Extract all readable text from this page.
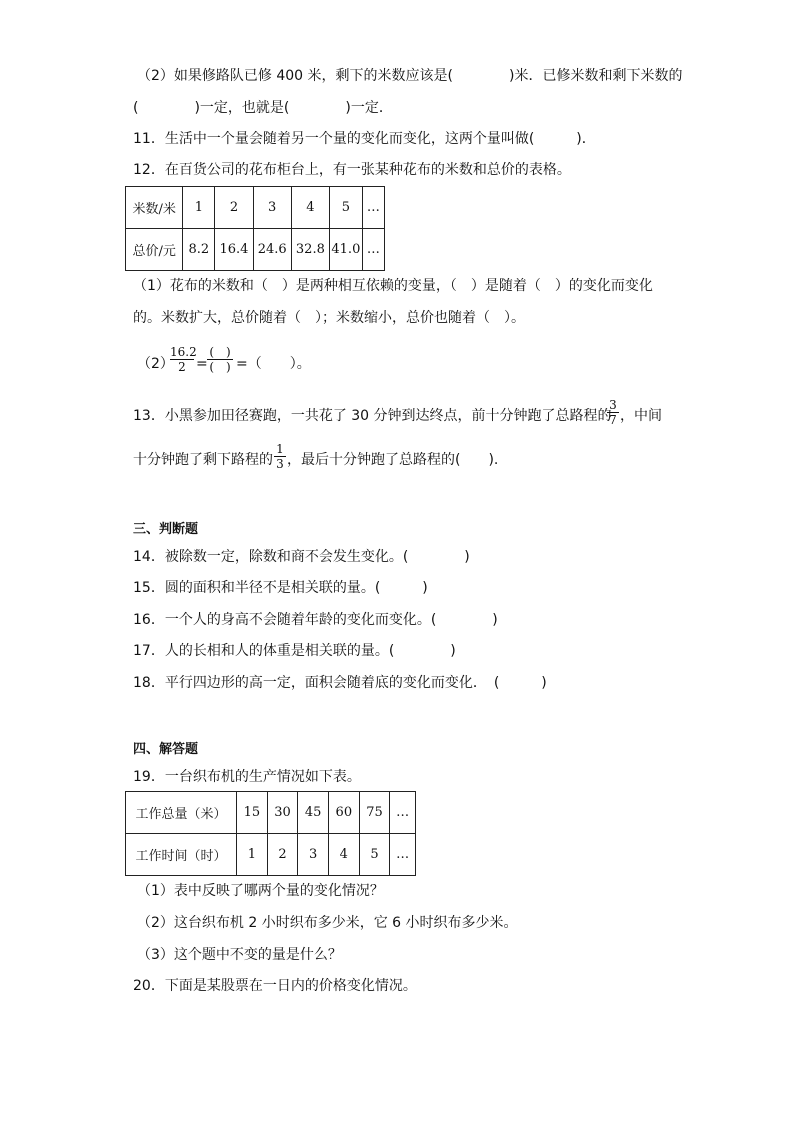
（2）如果修路队已修 400 米，剩下的米数应该是(　　　　)米．已修米数和剩下米数的
(　　　　)一定，也就是(　　　　)一定．
11．生活中一个量会随着另一个量的变化而变化，这两个量叫做(　　　)．
12．在百货公司的花布柜台上，有一张某种花布的米数和总价的表格。
米数/米	1	2	3	4	5	…
总价/元	8.2	16.4	24.6	32.8	41.0	…
（1）花布的米数和（　）是两种相互依赖的变量，（　）是随着（　）的变化而变化
的。米数扩大，总价随着（　）；米数缩小，总价也随着（　）。
（2）
16.2
2 =
(　)
(　) =（　　）。
13．小黑参加田径赛跑，一共花了 30 分钟到达终点，前十分钟跑了总路程的
3
7 ，中间
十分钟跑了剩下路程的
1
3 ，最后十分钟跑了总路程的(　　).
三、判断题
14．被除数一定，除数和商不会发生变化。(　　　　)
15．圆的面积和半径不是相关联的量。(　　　)
16．一个人的身高不会随着年龄的变化而变化。(　　　　)
17．人的长相和人的体重是相关联的量。(　　　　)
18．平行四边形的高一定，面积会随着底的变化而变化．　(　　　)
四、解答题
19．一台织布机的生产情况如下表。
工作总量（米）	15	30	45	60	75	…
工作时间（时）	1	2	3	4	5	…
（1）表中反映了哪两个量的变化情况？
（2）这台织布机 2 小时织布多少米，它 6 小时织布多少米。
（3）这个题中不变的量是什么？
20．下面是某股票在一日内的价格变化情况。
